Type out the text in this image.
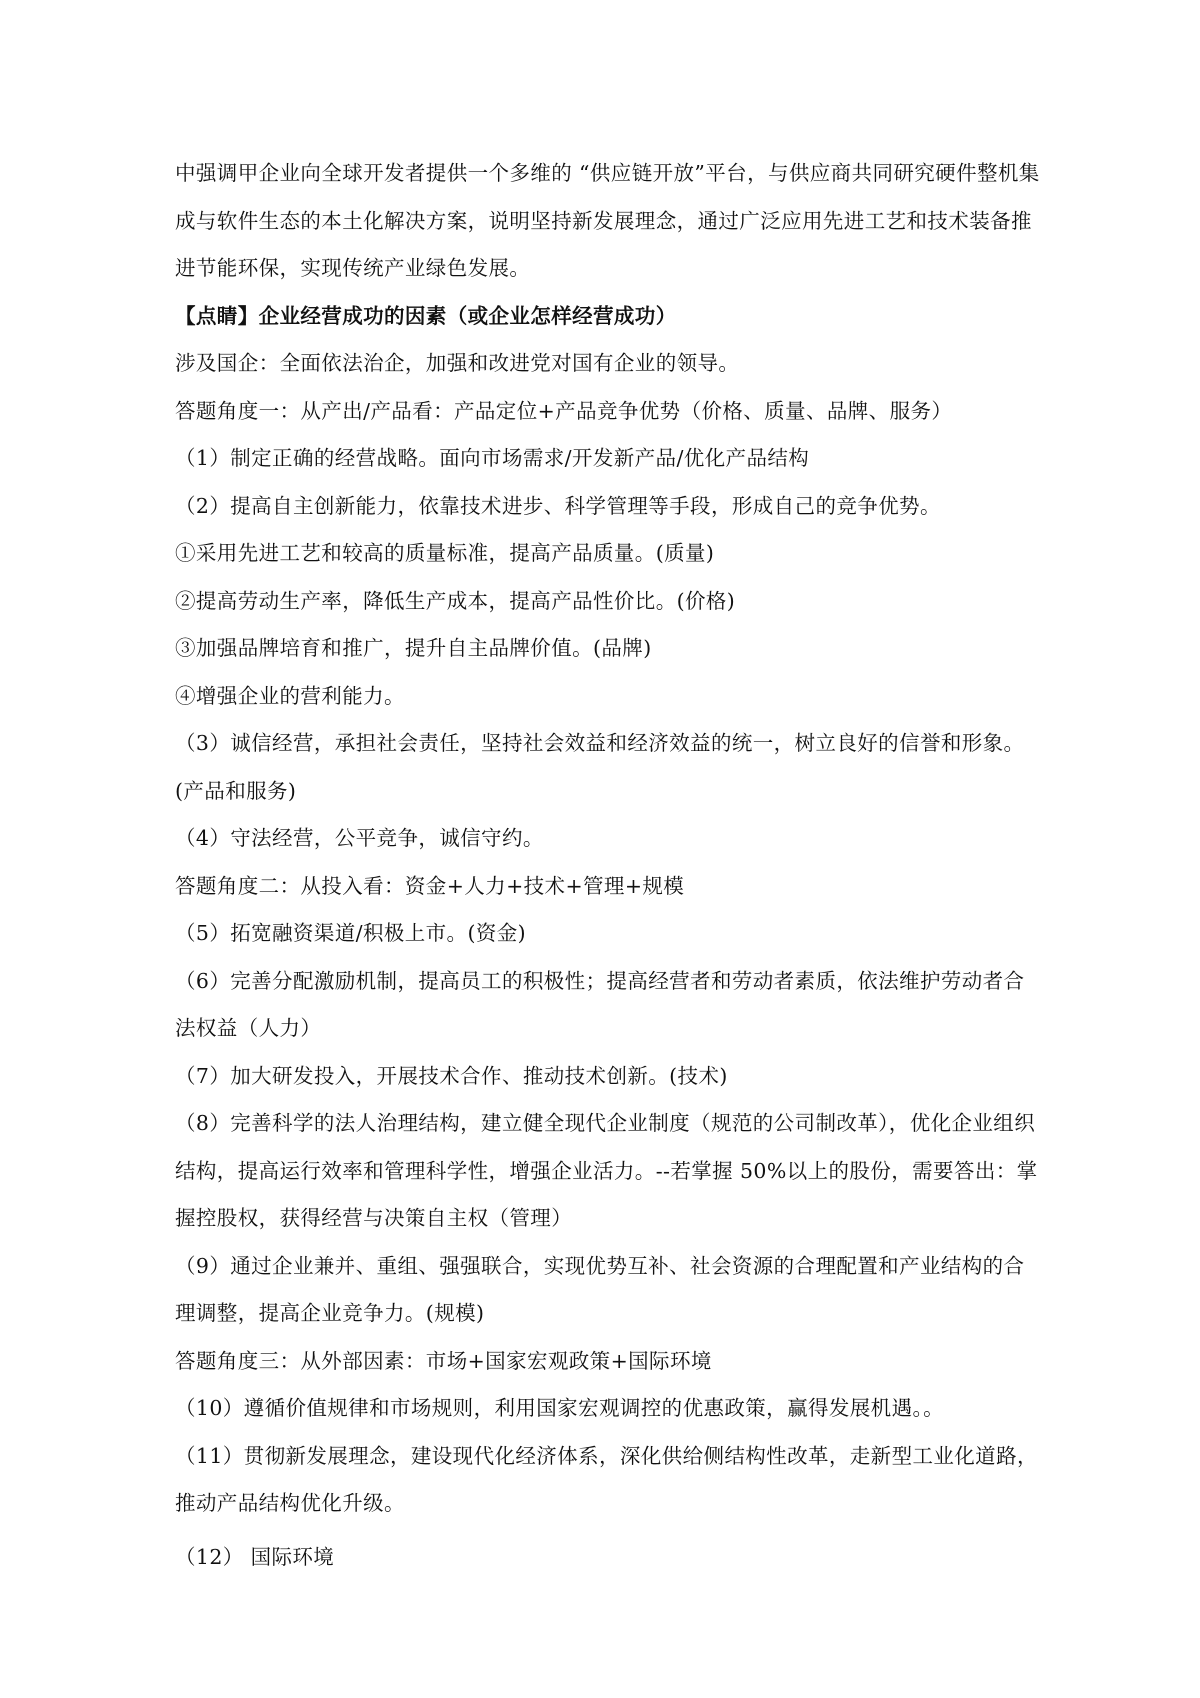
中强调甲企业向全球开发者提供一个多维的 “供应链开放”平台，与供应商共同研究硬件整机集成与软件生态的本土化解决方案，说明坚持新发展理念，通过广泛应用先进工艺和技术装备推进节能环保，实现传统产业绿色发展。

【点睛】企业经营成功的因素（或企业怎样经营成功）

涉及国企：全面依法治企，加强和改进党对国有企业的领导。

答题角度一：从产出/产品看：产品定位+产品竞争优势（价格、质量、品牌、服务）

（1）制定正确的经营战略。面向市场需求/开发新产品/优化产品结构

（2）提高自主创新能力，依靠技术进步、科学管理等手段，形成自己的竞争优势。

①采用先进工艺和较高的质量标准，提高产品质量。(质量)

②提高劳动生产率，降低生产成本，提高产品性价比。(价格)

③加强品牌培育和推广，提升自主品牌价值。(品牌)

④增强企业的营利能力。

（3）诚信经营，承担社会责任，坚持社会效益和经济效益的统一，树立良好的信誉和形象。(产品和服务)

（4）守法经营，公平竞争，诚信守约。

答题角度二：从投入看：资金+人力+技术+管理+规模

（5）拓宽融资渠道/积极上市。(资金)

（6）完善分配激励机制，提高员工的积极性；提高经营者和劳动者素质，依法维护劳动者合法权益（人力）

（7）加大研发投入，开展技术合作、推动技术创新。(技术)

（8）完善科学的法人治理结构，建立健全现代企业制度（规范的公司制改革），优化企业组织结构，提高运行效率和管理科学性，增强企业活力。--若掌握 50%以上的股份，需要答出：掌握控股权，获得经营与决策自主权（管理）

（9）通过企业兼并、重组、强强联合，实现优势互补、社会资源的合理配置和产业结构的合理调整，提高企业竞争力。(规模)

答题角度三：从外部因素：市场+国家宏观政策+国际环境

（10）遵循价值规律和市场规则，利用国家宏观调控的优惠政策，赢得发展机遇。。

（11）贯彻新发展理念，建设现代化经济体系，深化供给侧结构性改革，走新型工业化道路，推动产品结构优化升级。

（12） 国际环境
